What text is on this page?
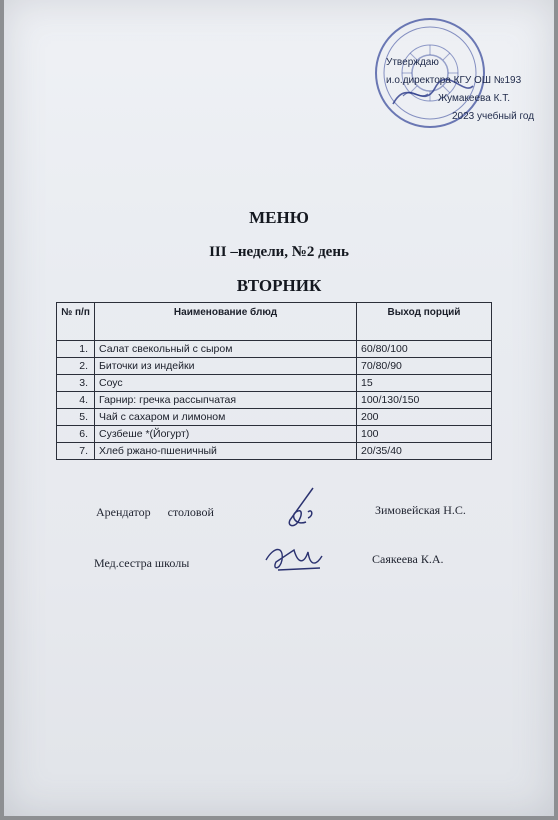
Утверждаю
и.о.директора КГУ ОШ №193
Жумакеева К.Т.
2023 учебный год
МЕНЮ
III –недели, №2 день
ВТОРНИК
№ п/п	Наименование блюд	Выход порций
1.	Салат свекольный с сыром	60/80/100
2.	Биточки из индейки	70/80/90
3.	Соус	15
4.	Гарнир: гречка рассыпчатая	100/130/150
5.	Чай с сахаром и лимоном	200
6.	Сузбеше *(Йогурт)	100
7.	Хлеб ржано-пшеничный	20/35/40
Арендатор столовой	Зимовейская Н.С.
Мед.сестра школы	Саякеева К.А.
